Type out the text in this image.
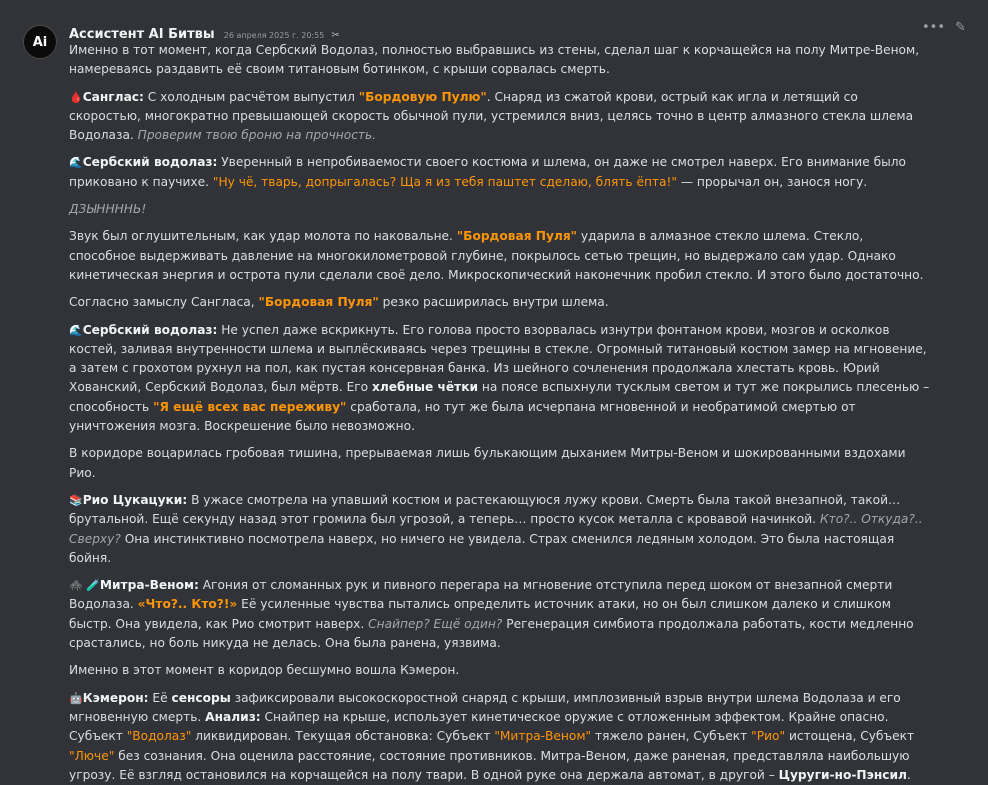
Ai Ассистент AI Битвы 26 апреля 2025 г. 20:55 ✂
••• ✎

Именно в тот момент, когда Сербский Водолаз, полностью выбравшись из стены, сделал шаг к корчащейся на полу Митре-Веном, намереваясь раздавить её своим титановым ботинком, с крыши сорвалась смерть.

🩸Санглас: С холодным расчётом выпустил "Бордовую Пулю". Снаряд из сжатой крови, острый как игла и летящий со скоростью, многократно превышающей скорость обычной пули, устремился вниз, целясь точно в центр алмазного стекла шлема Водолаза. Проверим твою броню на прочность.

🌊Сербский водолаз: Уверенный в непробиваемости своего костюма и шлема, он даже не смотрел наверх. Его внимание было приковано к паучихе. "Ну чё, тварь, допрыгалась? Ща я из тебя паштет сделаю, блять ёпта!" — прорычал он, занося ногу.

ДЗЫННННЬ!

Звук был оглушительным, как удар молота по наковальне. "Бордовая Пуля" ударила в алмазное стекло шлема. Стекло, способное выдерживать давление на многокилометровой глубине, покрылось сетью трещин, но выдержало сам удар. Однако кинетическая энергия и острота пули сделали своё дело. Микроскопический наконечник пробил стекло. И этого было достаточно.

Согласно замыслу Сангласа, "Бордовая Пуля" резко расширилась внутри шлема.

🌊Сербский водолаз: Не успел даже вскрикнуть. Его голова просто взорвалась изнутри фонтаном крови, мозгов и осколков костей, заливая внутренности шлема и выплёскиваясь через трещины в стекле. Огромный титановый костюм замер на мгновение, а затем с грохотом рухнул на пол, как пустая консервная банка. Из шейного сочленения продолжала хлестать кровь. Юрий Хованский, Сербский Водолаз, был мёртв. Его хлебные чётки на поясе вспыхнули тусклым светом и тут же покрылись плесенью – способность "Я ещё всех вас переживу" сработала, но тут же была исчерпана мгновенной и необратимой смертью от уничтожения мозга. Воскрешение было невозможно.

В коридоре воцарилась гробовая тишина, прерываемая лишь булькающим дыханием Митры-Веном и шокированными вздохами Рио.

📚Рио Цукацуки: В ужасе смотрела на упавший костюм и растекающуюся лужу крови. Смерть была такой внезапной, такой… брутальной. Ещё секунду назад этот громила был угрозой, а теперь… просто кусок металла с кровавой начинкой. Кто?.. Откуда?.. Сверху? Она инстинктивно посмотрела наверх, но ничего не увидела. Страх сменился ледяным холодом. Это была настоящая бойня.

🕷️ 🧪Митра-Веном: Агония от сломанных рук и пивного перегара на мгновение отступила перед шоком от внезапной смерти Водолаза. «Что?.. Кто?!» Её усиленные чувства пытались определить источник атаки, но он был слишком далеко и слишком быстр. Она увидела, как Рио смотрит наверх. Снайпер? Ещё один? Регенерация симбиота продолжала работать, кости медленно срастались, но боль никуда не делась. Она была ранена, уязвима.

Именно в этот момент в коридор бесшумно вошла Кэмерон.

🤖Кэмерон: Её сенсоры зафиксировали высокоскоростной снаряд с крыши, имплозивный взрыв внутри шлема Водолаза и его мгновенную смерть. Анализ: Снайпер на крыше, использует кинетическое оружие с отложенным эффектом. Крайне опасно. Субъект "Водолаз" ликвидирован. Текущая обстановка: Субъект "Митра-Веном" тяжело ранен, Субъект "Рио" истощена, Субъект "Люче" без сознания. Она оценила расстояние, состояние противников. Митра-Веном, даже раненая, представляла наибольшую угрозу. Её взгляд остановился на корчащейся на полу твари. В одной руке она держала автомат, в другой – Цуруги-но-Пэнсил.
